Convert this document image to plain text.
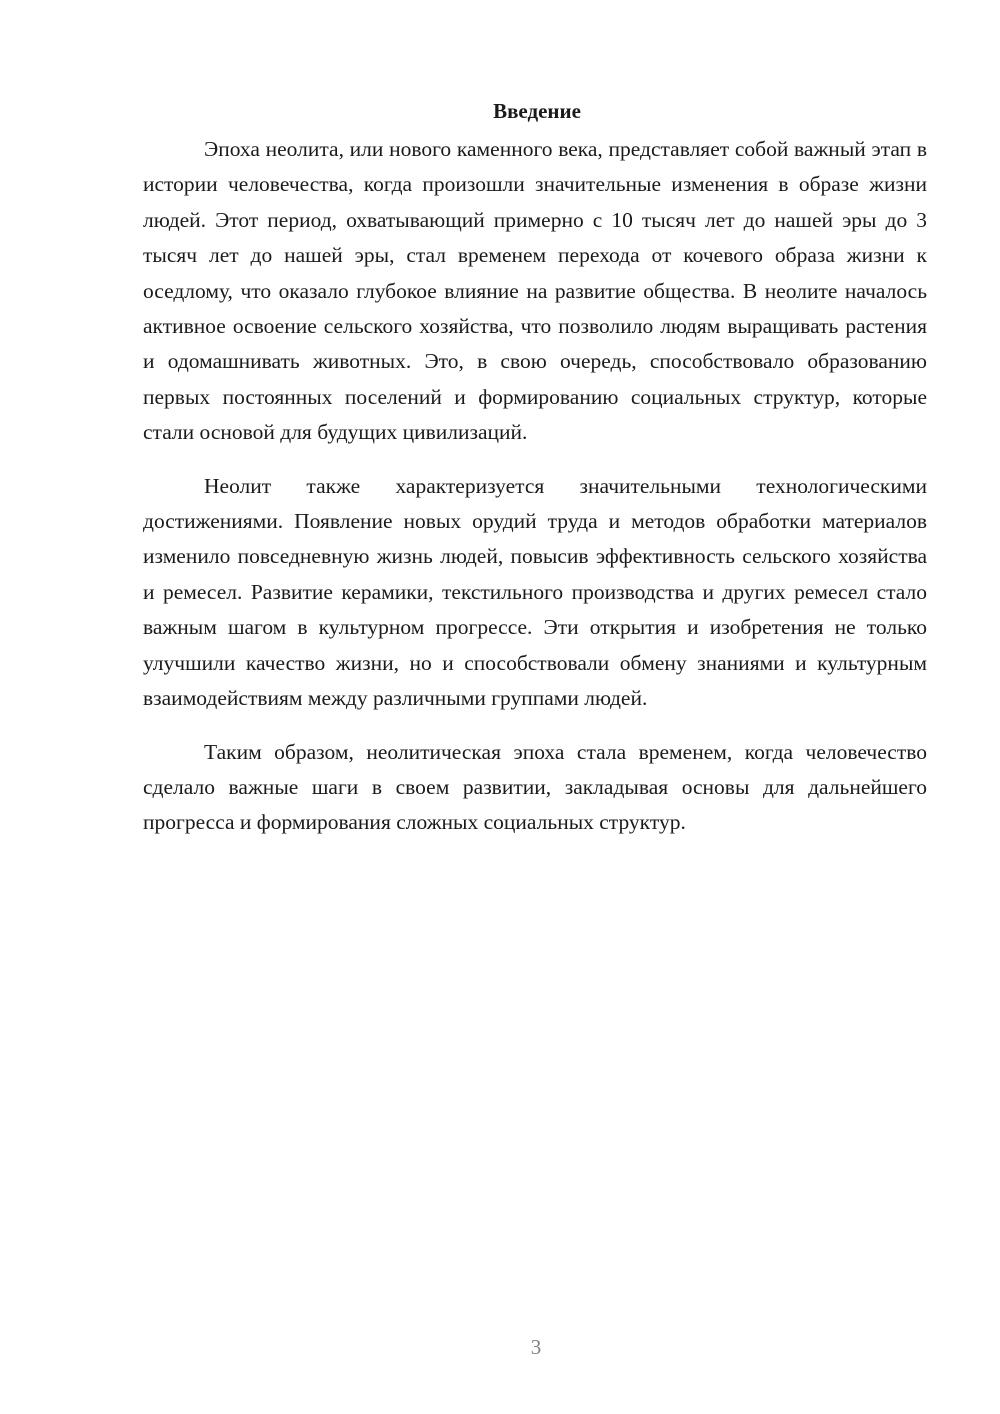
Введение

Эпоха неолита, или нового каменного века, представляет собой важный этап в истории человечества, когда произошли значительные изменения в образе жизни людей. Этот период, охватывающий примерно с 10 тысяч лет до нашей эры до 3 тысяч лет до нашей эры, стал временем перехода от кочевого образа жизни к оседлому, что оказало глубокое влияние на развитие общества. В неолите началось активное освоение сельского хозяйства, что позволило людям выращивать растения и одомашнивать животных. Это, в свою очередь, способствовало образованию первых постоянных поселений и формированию социальных структур, которые стали основой для будущих цивилизаций.

Неолит также характеризуется значительными технологическими достижениями. Появление новых орудий труда и методов обработки материалов изменило повседневную жизнь людей, повысив эффективность сельского хозяйства и ремесел. Развитие керамики, текстильного производства и других ремесел стало важным шагом в культурном прогрессе. Эти открытия и изобретения не только улучшили качество жизни, но и способствовали обмену знаниями и культурным взаимодействиям между различными группами людей.

Таким образом, неолитическая эпоха стала временем, когда человечество сделало важные шаги в своем развитии, закладывая основы для дальнейшего прогресса и формирования сложных социальных структур.

3
